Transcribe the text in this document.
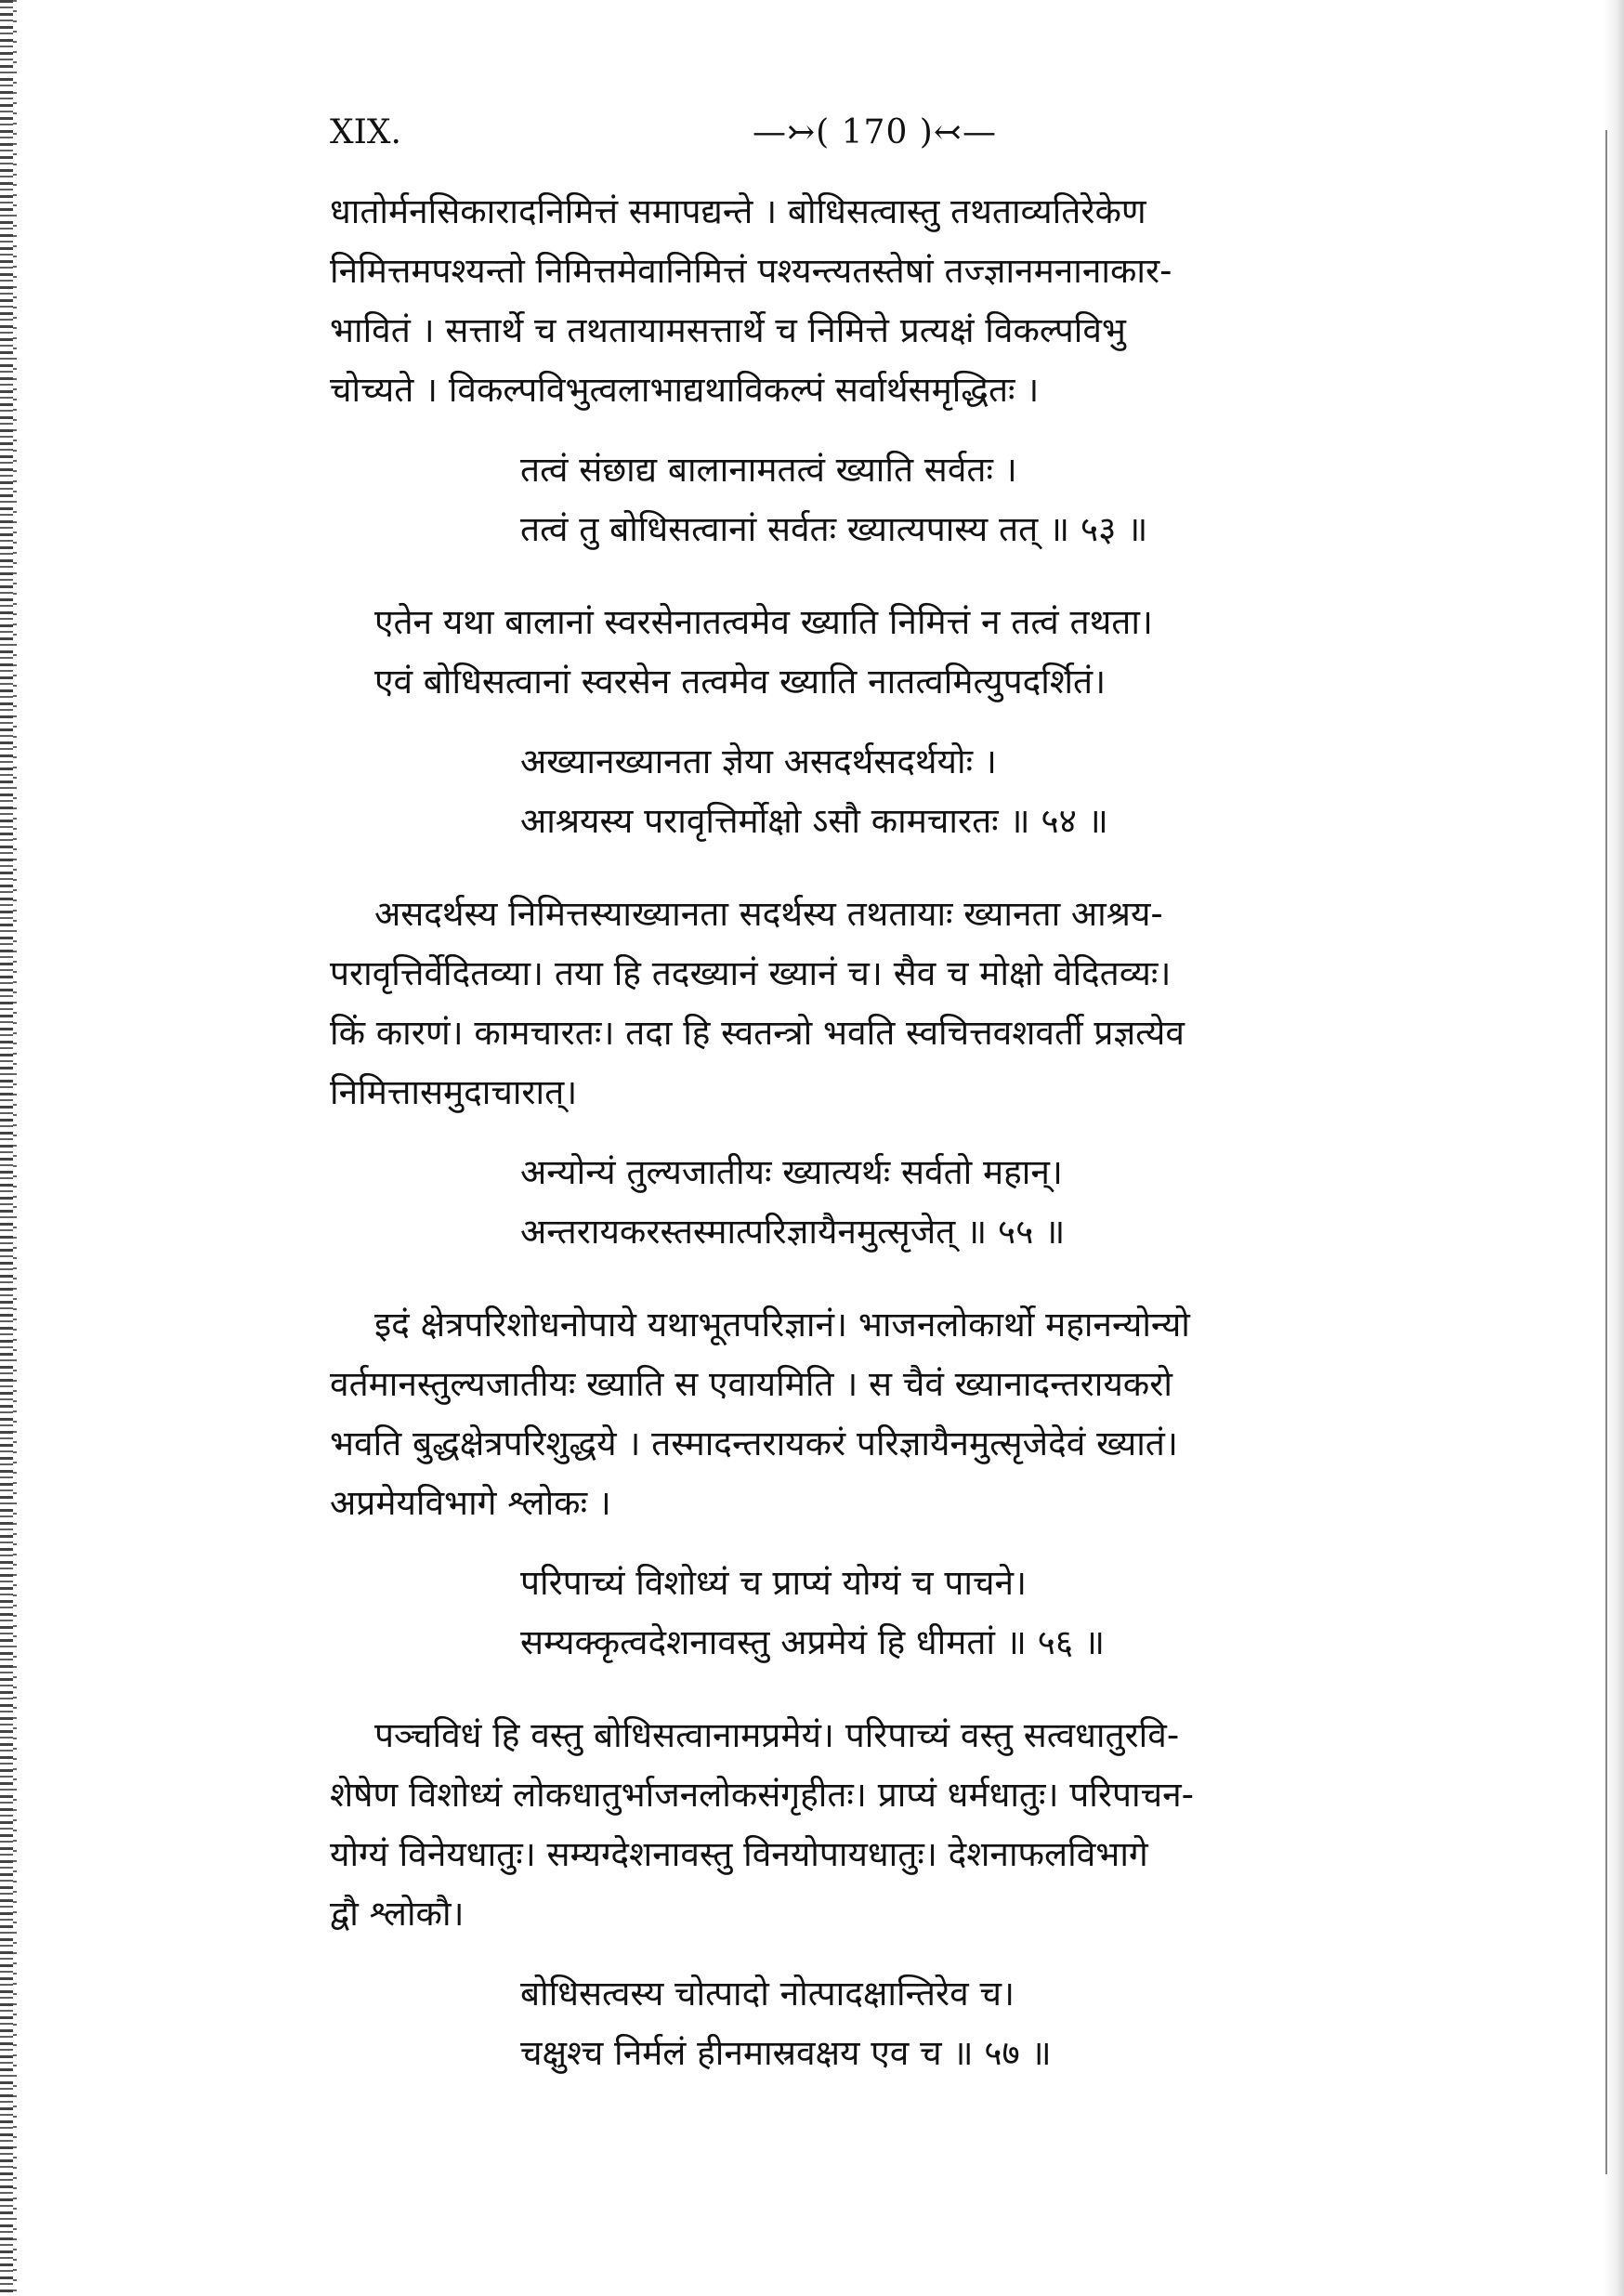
XIX.	—↣( 170 )↢—
धातोर्मनसिकारादनिमित्तं समापद्यन्ते । बोधिसत्वास्तु तथताव्यतिरेकेण
निमित्तमपश्यन्तो निमित्तमेवानिमित्तं पश्यन्त्यतस्तेषां तज्ज्ञानमनानाकार-
भावितं । सत्तार्थे च तथतायामसत्तार्थे च निमित्ते प्रत्यक्षं विकल्पविभु
चोच्यते । विकल्पविभुत्वलाभाद्यथाविकल्पं सर्वार्थसमृद्धितः ।
तत्वं संछाद्य बालानामतत्वं ख्याति सर्वतः ।
तत्वं तु बोधिसत्वानां सर्वतः ख्यात्यपास्य तत् ॥ ५३ ॥
एतेन यथा बालानां स्वरसेनातत्वमेव ख्याति निमित्तं न तत्वं तथता।
एवं बोधिसत्वानां स्वरसेन तत्वमेव ख्याति नातत्वमित्युपदर्शितं।
अख्यानख्यानता ज्ञेया असदर्थसदर्थयोः ।
आश्रयस्य परावृत्तिर्मोक्षो ऽसौ कामचारतः ॥ ५४ ॥
असदर्थस्य निमित्तस्याख्यानता सदर्थस्य तथतायाः ख्यानता आश्रय-
परावृत्तिर्वेदितव्या। तया हि तदख्यानं ख्यानं च। सैव च मोक्षो वेदितव्यः।
किं कारणं। कामचारतः। तदा हि स्वतन्त्रो भवति स्वचित्तवशवर्ती प्रज्ञत्येव
निमित्तासमुदाचारात्।
अन्योन्यं तुल्यजातीयः ख्यात्यर्थः सर्वतो महान्।
अन्तरायकरस्तस्मात्परिज्ञायैनमुत्सृजेत् ॥ ५५ ॥
इदं क्षेत्रपरिशोधनोपाये यथाभूतपरिज्ञानं। भाजनलोकार्थो महानन्योन्यो
वर्तमानस्तुल्यजातीयः ख्याति स एवायमिति । स चैवं ख्यानादन्तरायकरो
भवति बुद्धक्षेत्रपरिशुद्धये । तस्मादन्तरायकरं परिज्ञायैनमुत्सृजेदेवं ख्यातं।
अप्रमेयविभागे श्लोकः ।
परिपाच्यं विशोध्यं च प्राप्यं योग्यं च पाचने।
सम्यक्कृत्वदेशनावस्तु अप्रमेयं हि धीमतां ॥ ५६ ॥
पञ्चविधं हि वस्तु बोधिसत्वानामप्रमेयं। परिपाच्यं वस्तु सत्वधातुरवि-
शेषेण विशोध्यं लोकधातुर्भाजनलोकसंगृहीतः। प्राप्यं धर्मधातुः। परिपाचन-
योग्यं विनेयधातुः। सम्यग्देशनावस्तु विनयोपायधातुः। देशनाफलविभागे
द्वौ श्लोकौ।
बोधिसत्वस्य चोत्पादो नोत्पादक्षान्तिरेव च।
चक्षुश्च निर्मलं हीनमास्रवक्षय एव च ॥ ५७ ॥
